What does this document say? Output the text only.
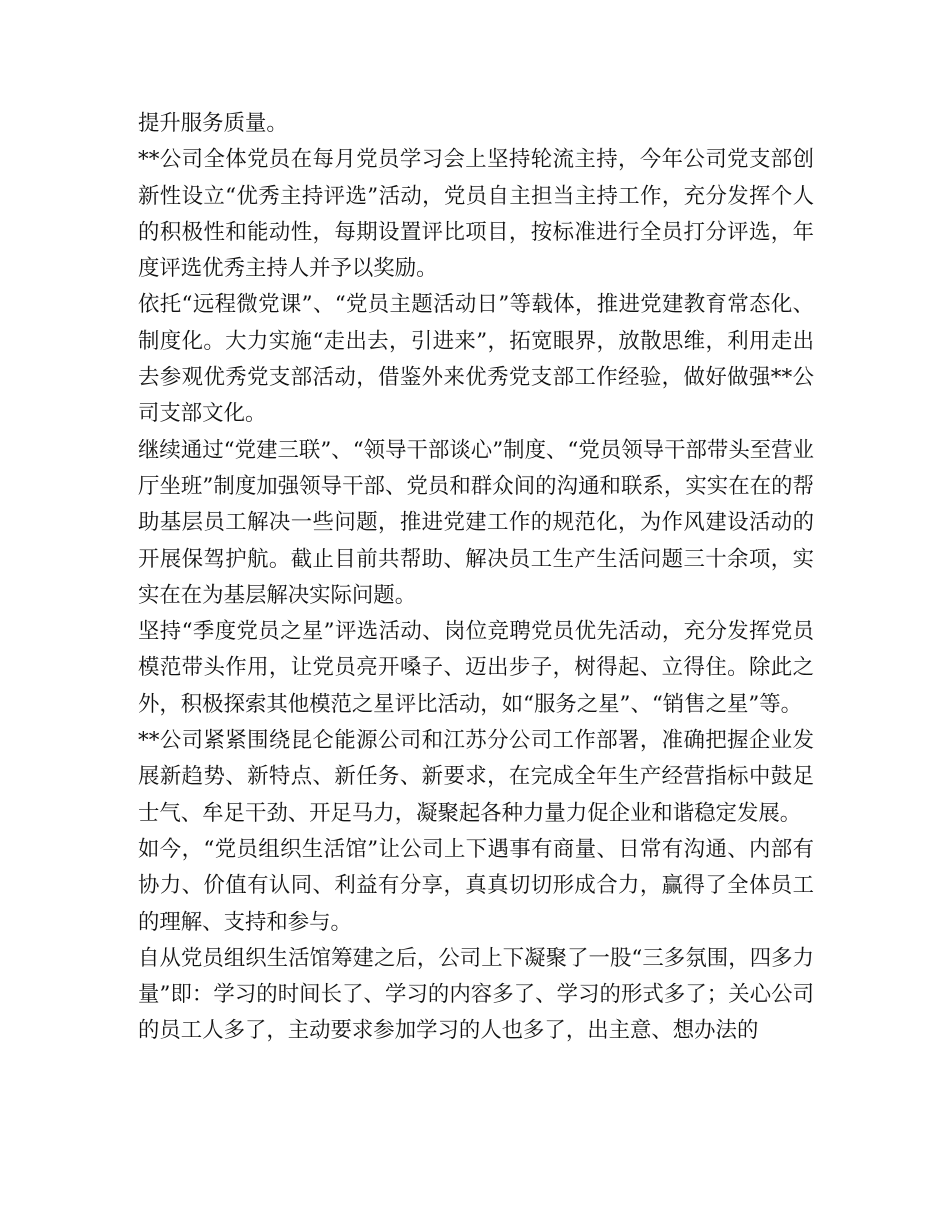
提升服务质量。

**公司全体党员在每月党员学习会上坚持轮流主持，今年公司党支部创新性设立“优秀主持评选”活动，党员自主担当主持工作，充分发挥个人的积极性和能动性，每期设置评比项目，按标准进行全员打分评选，年度评选优秀主持人并予以奖励。

依托“远程微党课”、“党员主题活动日”等载体，推进党建教育常态化、制度化。大力实施“走出去，引进来”，拓宽眼界，放散思维，利用走出去参观优秀党支部活动，借鉴外来优秀党支部工作经验，做好做强**公司支部文化。

继续通过“党建三联”、“领导干部谈心”制度、“党员领导干部带头至营业厅坐班”制度加强领导干部、党员和群众间的沟通和联系，实实在在的帮助基层员工解决一些问题，推进党建工作的规范化，为作风建设活动的开展保驾护航。截止目前共帮助、解决员工生产生活问题三十余项，实实在在为基层解决实际问题。

坚持“季度党员之星”评选活动、岗位竞聘党员优先活动，充分发挥党员模范带头作用，让党员亮开嗓子、迈出步子，树得起、立得住。除此之外，积极探索其他模范之星评比活动，如“服务之星”、“销售之星”等。

**公司紧紧围绕昆仑能源公司和江苏分公司工作部署，准确把握企业发展新趋势、新特点、新任务、新要求，在完成全年生产经营指标中鼓足士气、牟足干劲、开足马力，凝聚起各种力量力促企业和谐稳定发展。

如今，“党员组织生活馆”让公司上下遇事有商量、日常有沟通、内部有协力、价值有认同、利益有分享，真真切切形成合力，赢得了全体员工的理解、支持和参与。

自从党员组织生活馆筹建之后，公司上下凝聚了一股“三多氛围，四多力量”即：学习的时间长了、学习的内容多了、学习的形式多了；关心公司的员工人多了，主动要求参加学习的人也多了，出主意、想办法的
